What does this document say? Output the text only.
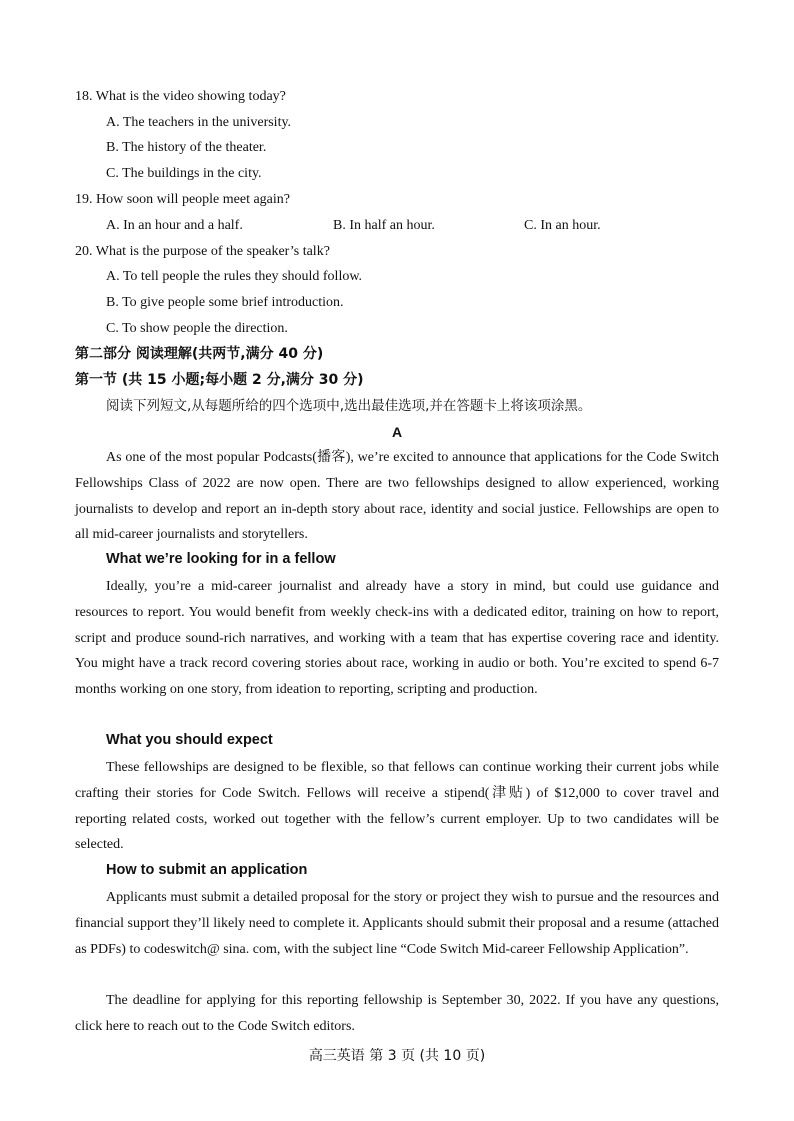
18. What is the video showing today?
A. The teachers in the university.
B. The history of the theater.
C. The buildings in the city.
19. How soon will people meet again?
A. In an hour and a half.	B. In half an hour.	C. In an hour.
20. What is the purpose of the speaker’s talk?
A. To tell people the rules they should follow.
B. To give people some brief introduction.
C. To show people the direction.
第二部分 阅读理解(共两节,满分 40 分)
第一节 (共 15 小题;每小题 2 分,满分 30 分)
阅读下列短文,从每题所给的四个选项中,选出最佳选项,并在答题卡上将该项涂黑。
A
As one of the most popular Podcasts(播客), we’re excited to announce that applications for the Code Switch Fellowships Class of 2022 are now open. There are two fellowships designed to allow experienced, working journalists to develop and report an in-depth story about race, identity and social justice. Fellowships are open to all mid-career journalists and storytellers.
What we’re looking for in a fellow
Ideally, you’re a mid-career journalist and already have a story in mind, but could use guidance and resources to report. You would benefit from weekly check-ins with a dedicated editor, training on how to report, script and produce sound-rich narratives, and working with a team that has expertise covering race and identity. You might have a track record covering stories about race, working in audio or both. You’re excited to spend 6-7 months working on one story, from ideation to reporting, scripting and production.
What you should expect
These fellowships are designed to be flexible, so that fellows can continue working their current jobs while crafting their stories for Code Switch. Fellows will receive a stipend(津贴) of $12,000 to cover travel and reporting related costs, worked out together with the fellow’s current employer. Up to two candidates will be selected.
How to submit an application
Applicants must submit a detailed proposal for the story or project they wish to pursue and the resources and financial support they’ll likely need to complete it. Applicants should submit their proposal and a resume (attached as PDFs) to codeswitch@ sina. com, with the subject line “Code Switch Mid-career Fellowship Application”.
The deadline for applying for this reporting fellowship is September 30, 2022. If you have any questions, click here to reach out to the Code Switch editors.
高三英语 第 3 页 (共 10 页)
